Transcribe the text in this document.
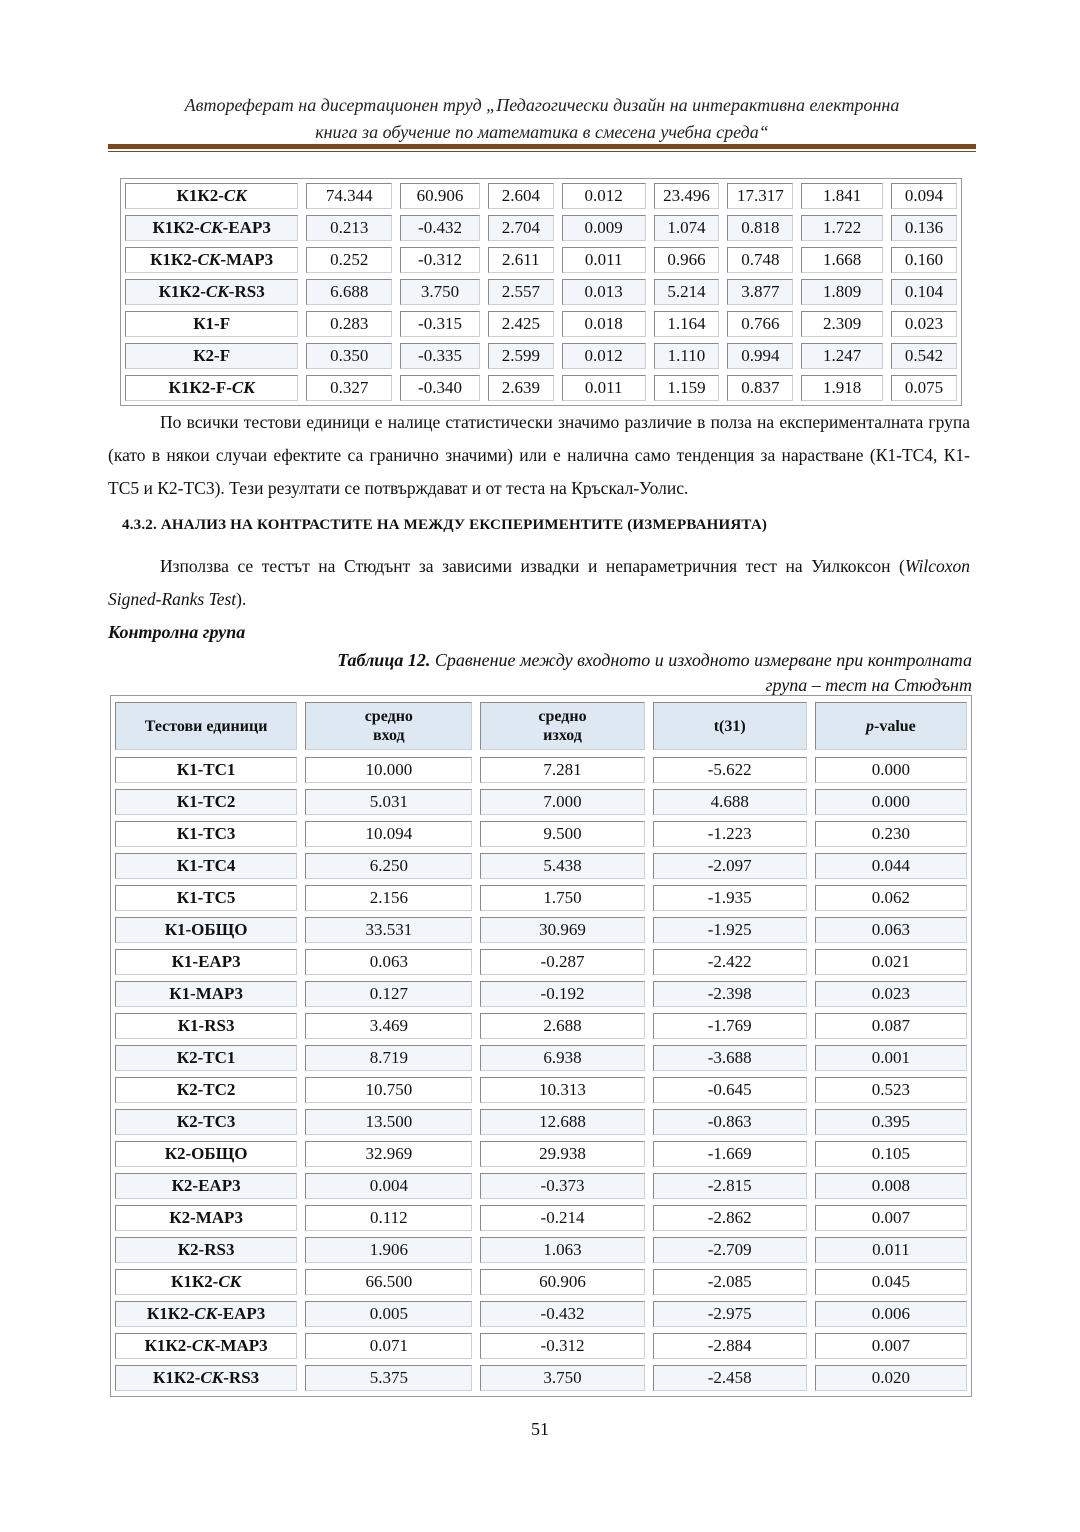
Автореферат на дисертационен труд „Педагогически дизайн на интерактивна електронна
книга за обучение по математика в смесена учебна среда“
К1К2-СК	74.344	60.906	2.604	0.012	23.496	17.317	1.841	0.094

К1К2-СК-EAP3	0.213	-0.432	2.704	0.009	1.074	0.818	1.722	0.136

К1К2-СК-MAP3	0.252	-0.312	2.611	0.011	0.966	0.748	1.668	0.160

К1К2-СК-RS3	6.688	3.750	2.557	0.013	5.214	3.877	1.809	0.104

К1-F	0.283	-0.315	2.425	0.018	1.164	0.766	2.309	0.023

К2-F	0.350	-0.335	2.599	0.012	1.110	0.994	1.247	0.542

К1К2-F-СК	0.327	-0.340	2.639	0.011	1.159	0.837	1.918	0.075
По всички тестови единици е налице статистически значимо различие в полза на експерименталната група (като в някои случаи ефектите са гранично значими) или е налична само тенденция за нарастване (К1-TC4, К1-TC5 и К2-TC3). Тези резултати се потвърждават и от теста на Кръскал-Уолис.
4.3.2. АНАЛИЗ НА КОНТРАСТИТЕ НА МЕЖДУ ЕКСПЕРИМЕНТИТЕ (ИЗМЕРВАНИЯТА)
Използва се тестът на Стюдънт за зависими извадки и непараметричния тест на Уилкоксон (Wilcoxon Signed-Ranks Test).
Контролна група
Таблица 12. Сравнение между входното и изходното измерване при контролната група – тест на Стюдънт
Тестови единици	средно вход	средно изход	t(31)	p -value

К1-TC1	10.000	7.281	-5.622	0.000

К1-TC2	5.031	7.000	4.688	0.000

К1-TC3	10.094	9.500	-1.223	0.230

К1-TC4	6.250	5.438	-2.097	0.044

К1-TC5	2.156	1.750	-1.935	0.062

К1-ОБЩО	33.531	30.969	-1.925	0.063

К1-EAP3	0.063	-0.287	-2.422	0.021

К1-MAP3	0.127	-0.192	-2.398	0.023

К1-RS3	3.469	2.688	-1.769	0.087

К2-TC1	8.719	6.938	-3.688	0.001

К2-TC2	10.750	10.313	-0.645	0.523

К2-TC3	13.500	12.688	-0.863	0.395

К2-ОБЩО	32.969	29.938	-1.669	0.105

К2-EAP3	0.004	-0.373	-2.815	0.008

К2-MAP3	0.112	-0.214	-2.862	0.007

К2-RS3	1.906	1.063	-2.709	0.011

К1К2-СК	66.500	60.906	-2.085	0.045

К1К2-СК-EAP3	0.005	-0.432	-2.975	0.006

К1К2-СК-MAP3	0.071	-0.312	-2.884	0.007

К1К2-СК-RS3	5.375	3.750	-2.458	0.020
51
